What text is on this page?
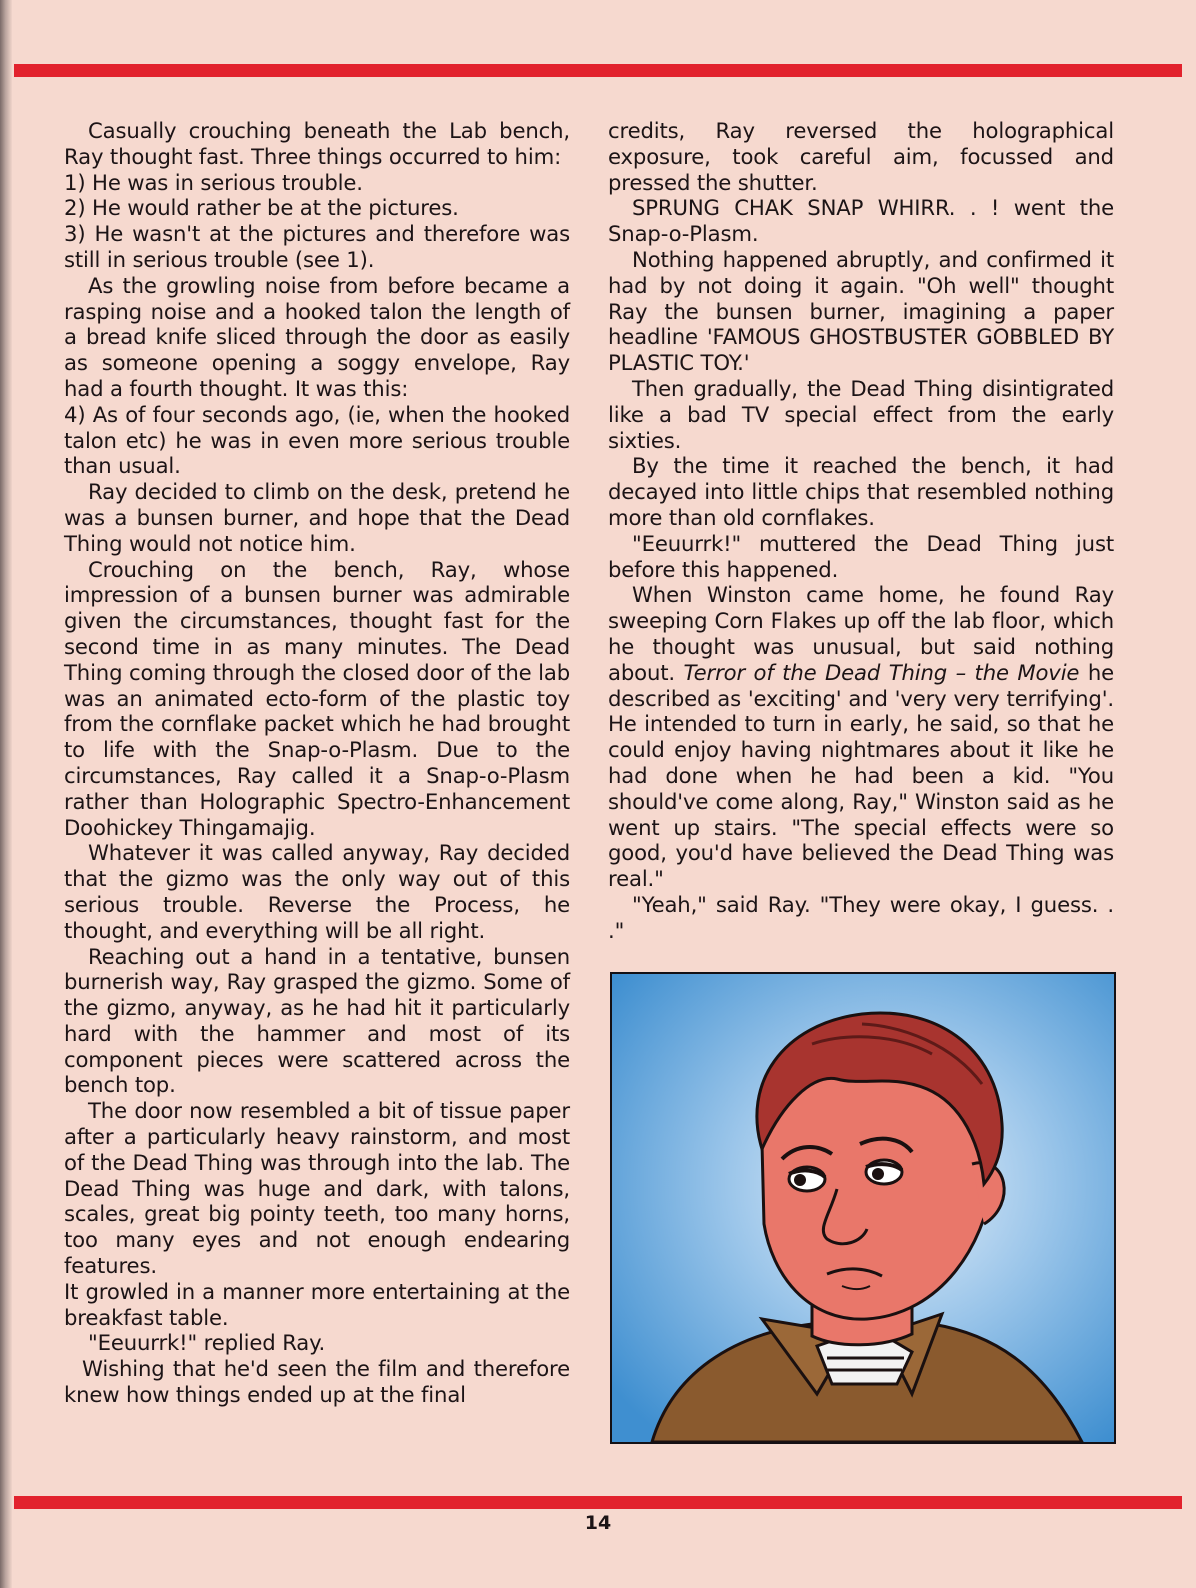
Casually crouching beneath the Lab bench, Ray thought fast. Three things occurred to him:

1) He was in serious trouble.

2) He would rather be at the pictures.

3) He wasn't at the pictures and therefore was still in serious trouble (see 1).

As the growling noise from before became a rasping noise and a hooked talon the length of a bread knife sliced through the door as easily as someone opening a soggy envelope, Ray had a fourth thought. It was this:

4) As of four seconds ago, (ie, when the hooked talon etc) he was in even more serious trouble than usual.

Ray decided to climb on the desk, pretend he was a bunsen burner, and hope that the Dead Thing would not notice him.

Crouching on the bench, Ray, whose impression of a bunsen burner was admirable given the circumstances, thought fast for the second time in as many minutes. The Dead Thing coming through the closed door of the lab was an animated ecto-form of the plastic toy from the cornflake packet which he had brought to life with the Snap-o-Plasm. Due to the circumstances, Ray called it a Snap-o-Plasm rather than Holographic Spectro-Enhancement Doohickey Thingamajig.

Whatever it was called anyway, Ray decided that the gizmo was the only way out of this serious trouble. Reverse the Process, he thought, and everything will be all right.

Reaching out a hand in a tentative, bunsen burnerish way, Ray grasped the gizmo. Some of the gizmo, anyway, as he had hit it particularly hard with the hammer and most of its component pieces were scattered across the bench top.

The door now resembled a bit of tissue paper after a particularly heavy rainstorm, and most of the Dead Thing was through into the lab. The Dead Thing was huge and dark, with talons, scales, great big pointy teeth, too many horns, too many eyes and not enough endearing features.

It growled in a manner more entertaining at the breakfast table.

"Eeuurrk!" replied Ray.

Wishing that he'd seen the film and therefore knew how things ended up at the final

credits, Ray reversed the holographical exposure, took careful aim, focussed and pressed the shutter.

SPRUNG CHAK SNAP WHIRR. . ! went the Snap-o-Plasm.

Nothing happened abruptly, and confirmed it had by not doing it again. "Oh well" thought Ray the bunsen burner, imagining a paper headline 'FAMOUS GHOSTBUSTER GOBBLED BY PLASTIC TOY.'

Then gradually, the Dead Thing disintigrated like a bad TV special effect from the early sixties.

By the time it reached the bench, it had decayed into little chips that resembled nothing more than old cornflakes.

"Eeuurrk!" muttered the Dead Thing just before this happened.

When Winston came home, he found Ray sweeping Corn Flakes up off the lab floor, which he thought was unusual, but said nothing about. Terror of the Dead Thing – the Movie he described as 'exciting' and 'very very terrifying'. He intended to turn in early, he said, so that he could enjoy having nightmares about it like he had done when he had been a kid. "You should've come along, Ray," Winston said as he went up stairs. "The special effects were so good, you'd have believed the Dead Thing was real."

"Yeah," said Ray. "They were okay, I guess. . ."

14
